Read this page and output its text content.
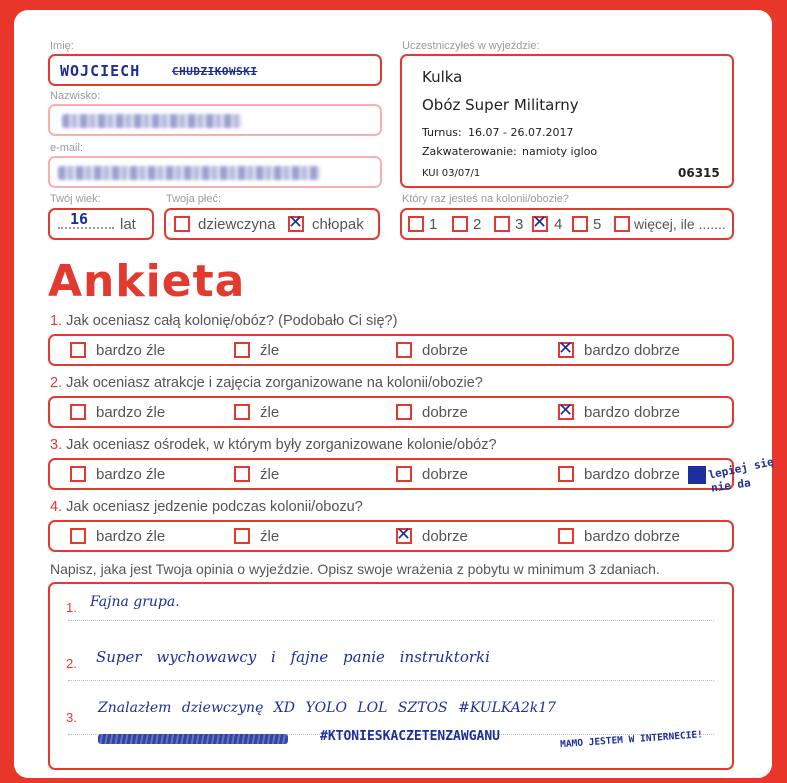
Imię:
WOJCIECH	CHUDZIKOWSKI
Nazwisko:
e-mail:
Twój wiek:
16 lat
Twoja płeć:
dziewczyna ✕ chłopak
Uczestniczyłeś w wyjeździe:
Kulka
Obóz Super Militarny
Turnus: 16.07 - 26.07.2017
Zakwaterowanie: namioty igloo
KUI 03/07/1	06315
Który raz jesteś na kolonii/obozie?
1 2 3 ✕ 4 5 więcej, ile .......
Ankieta
1. Jak oceniasz całą kolonię/obóz? (Podobało Ci się?)
bardzo źle	źle	dobrze	✕ bardzo dobrze
2. Jak oceniasz atrakcje i zajęcia zorganizowane na kolonii/obozie?
bardzo źle	źle	dobrze	✕ bardzo dobrze
3. Jak oceniasz ośrodek, w którym były zorganizowane kolonie/obóz?
bardzo źle	źle	dobrze	bardzo dobrze lepiej się
nie da
4. Jak oceniasz jedzenie podczas kolonii/obozu?
bardzo źle	źle	✕ dobrze	bardzo dobrze
Napisz, jaka jest Twoja opinia o wyjeździe. Opisz swoje wrażenia z pobytu w minimum 3 zdaniach.
1. Fajna grupa.
2. Super wychowawcy i fajne panie instruktorki
3.
Znalazłem dziewczynę XD YOLO LOL SZTOS #KULKA2k17
#KTONIESKACZETENZAWGANU	MAMO JESTEM W INTERNECIE!
